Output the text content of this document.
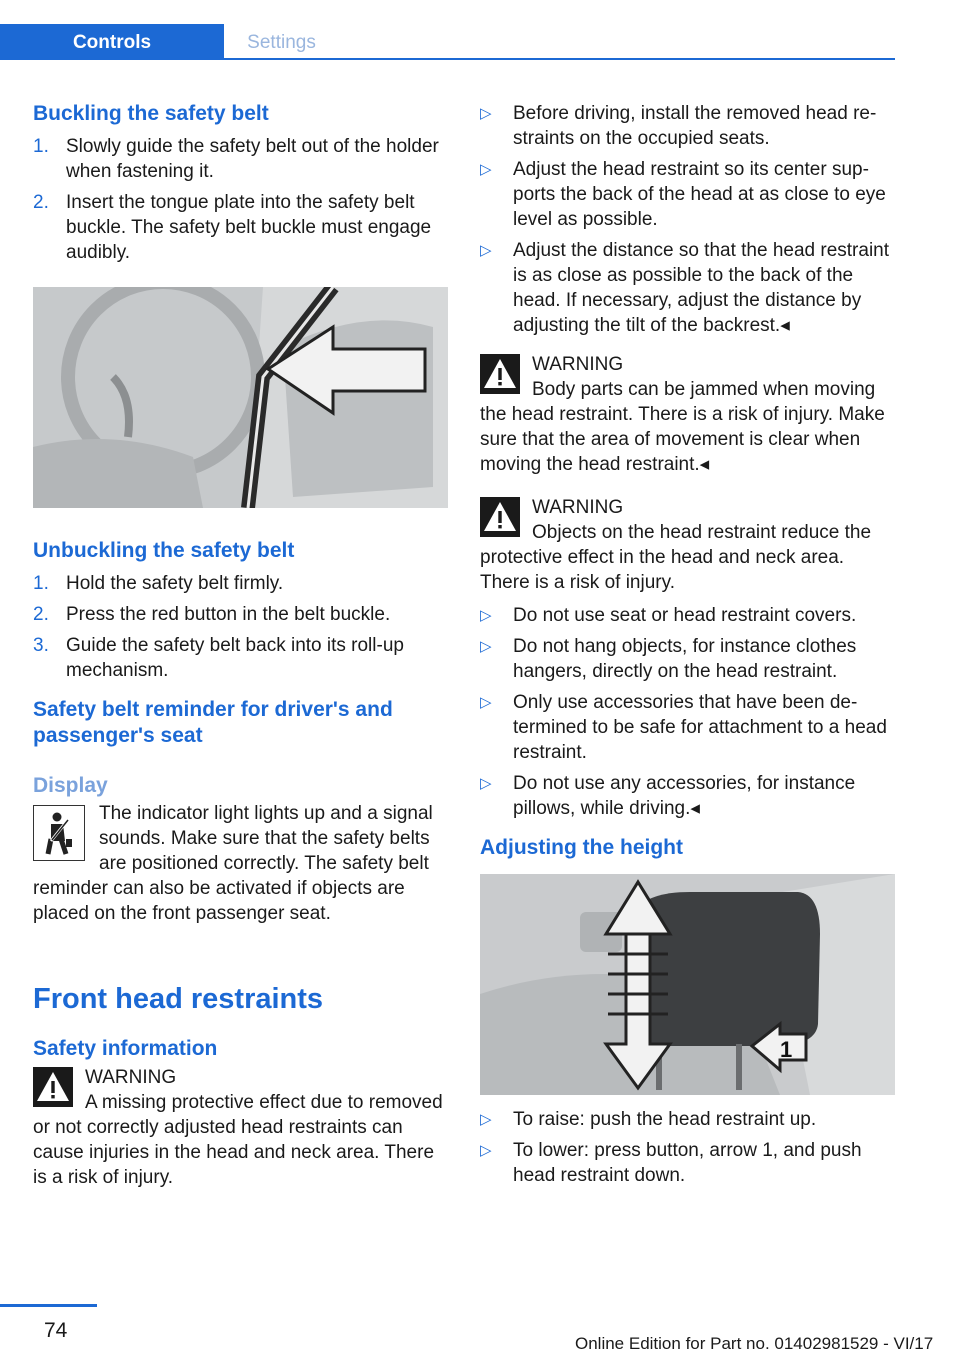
Controls	Settings
Buckling the safety belt
1. Slowly guide the safety belt out of the holder when fastening it.
2. Insert the tongue plate into the safety belt buckle. The safety belt buckle must engage audibly.
Unbuckling the safety belt
1. Hold the safety belt firmly.
2. Press the red button in the belt buckle.
3. Guide the safety belt back into its roll-up mechanism.
Safety belt reminder for driver's and passenger's seat
Display

The indicator light lights up and a signal sounds. Make sure that the safety belts are positioned correctly. The safety belt reminder can also be activated if objects are placed on the front passenger seat.

Front head restraints
Safety information

WARNING

A missing protective effect due to removed or not correctly adjusted head restraints can cause injuries in the head and neck area. There is a risk of injury.

▷ Before driving, install the removed head restraints on the occupied seats.
▷ Adjust the head restraint so its center supports the back of the head at as close to eye level as possible.
▷ Adjust the distance so that the head restraint is as close as possible to the back of the head. If necessary, adjust the distance by adjusting the tilt of the backrest.◂

WARNING

Body parts can be jammed when moving the head restraint. There is a risk of injury. Make sure that the area of movement is clear when moving the head restraint.◂

WARNING

Objects on the head restraint reduce the protective effect in the head and neck area. There is a risk of injury.

▷ Do not use seat or head restraint covers.
▷ Do not hang objects, for instance clothes hangers, directly on the head restraint.
▷ Only use accessories that have been determined to be safe for attachment to a head restraint.
▷ Do not use any accessories, for instance pillows, while driving.◂
Adjusting the height
1
▷ To raise: push the head restraint up.
▷ To lower: press button, arrow 1, and push head restraint down.
74
Online Edition for Part no. 01402981529 - VI/17
